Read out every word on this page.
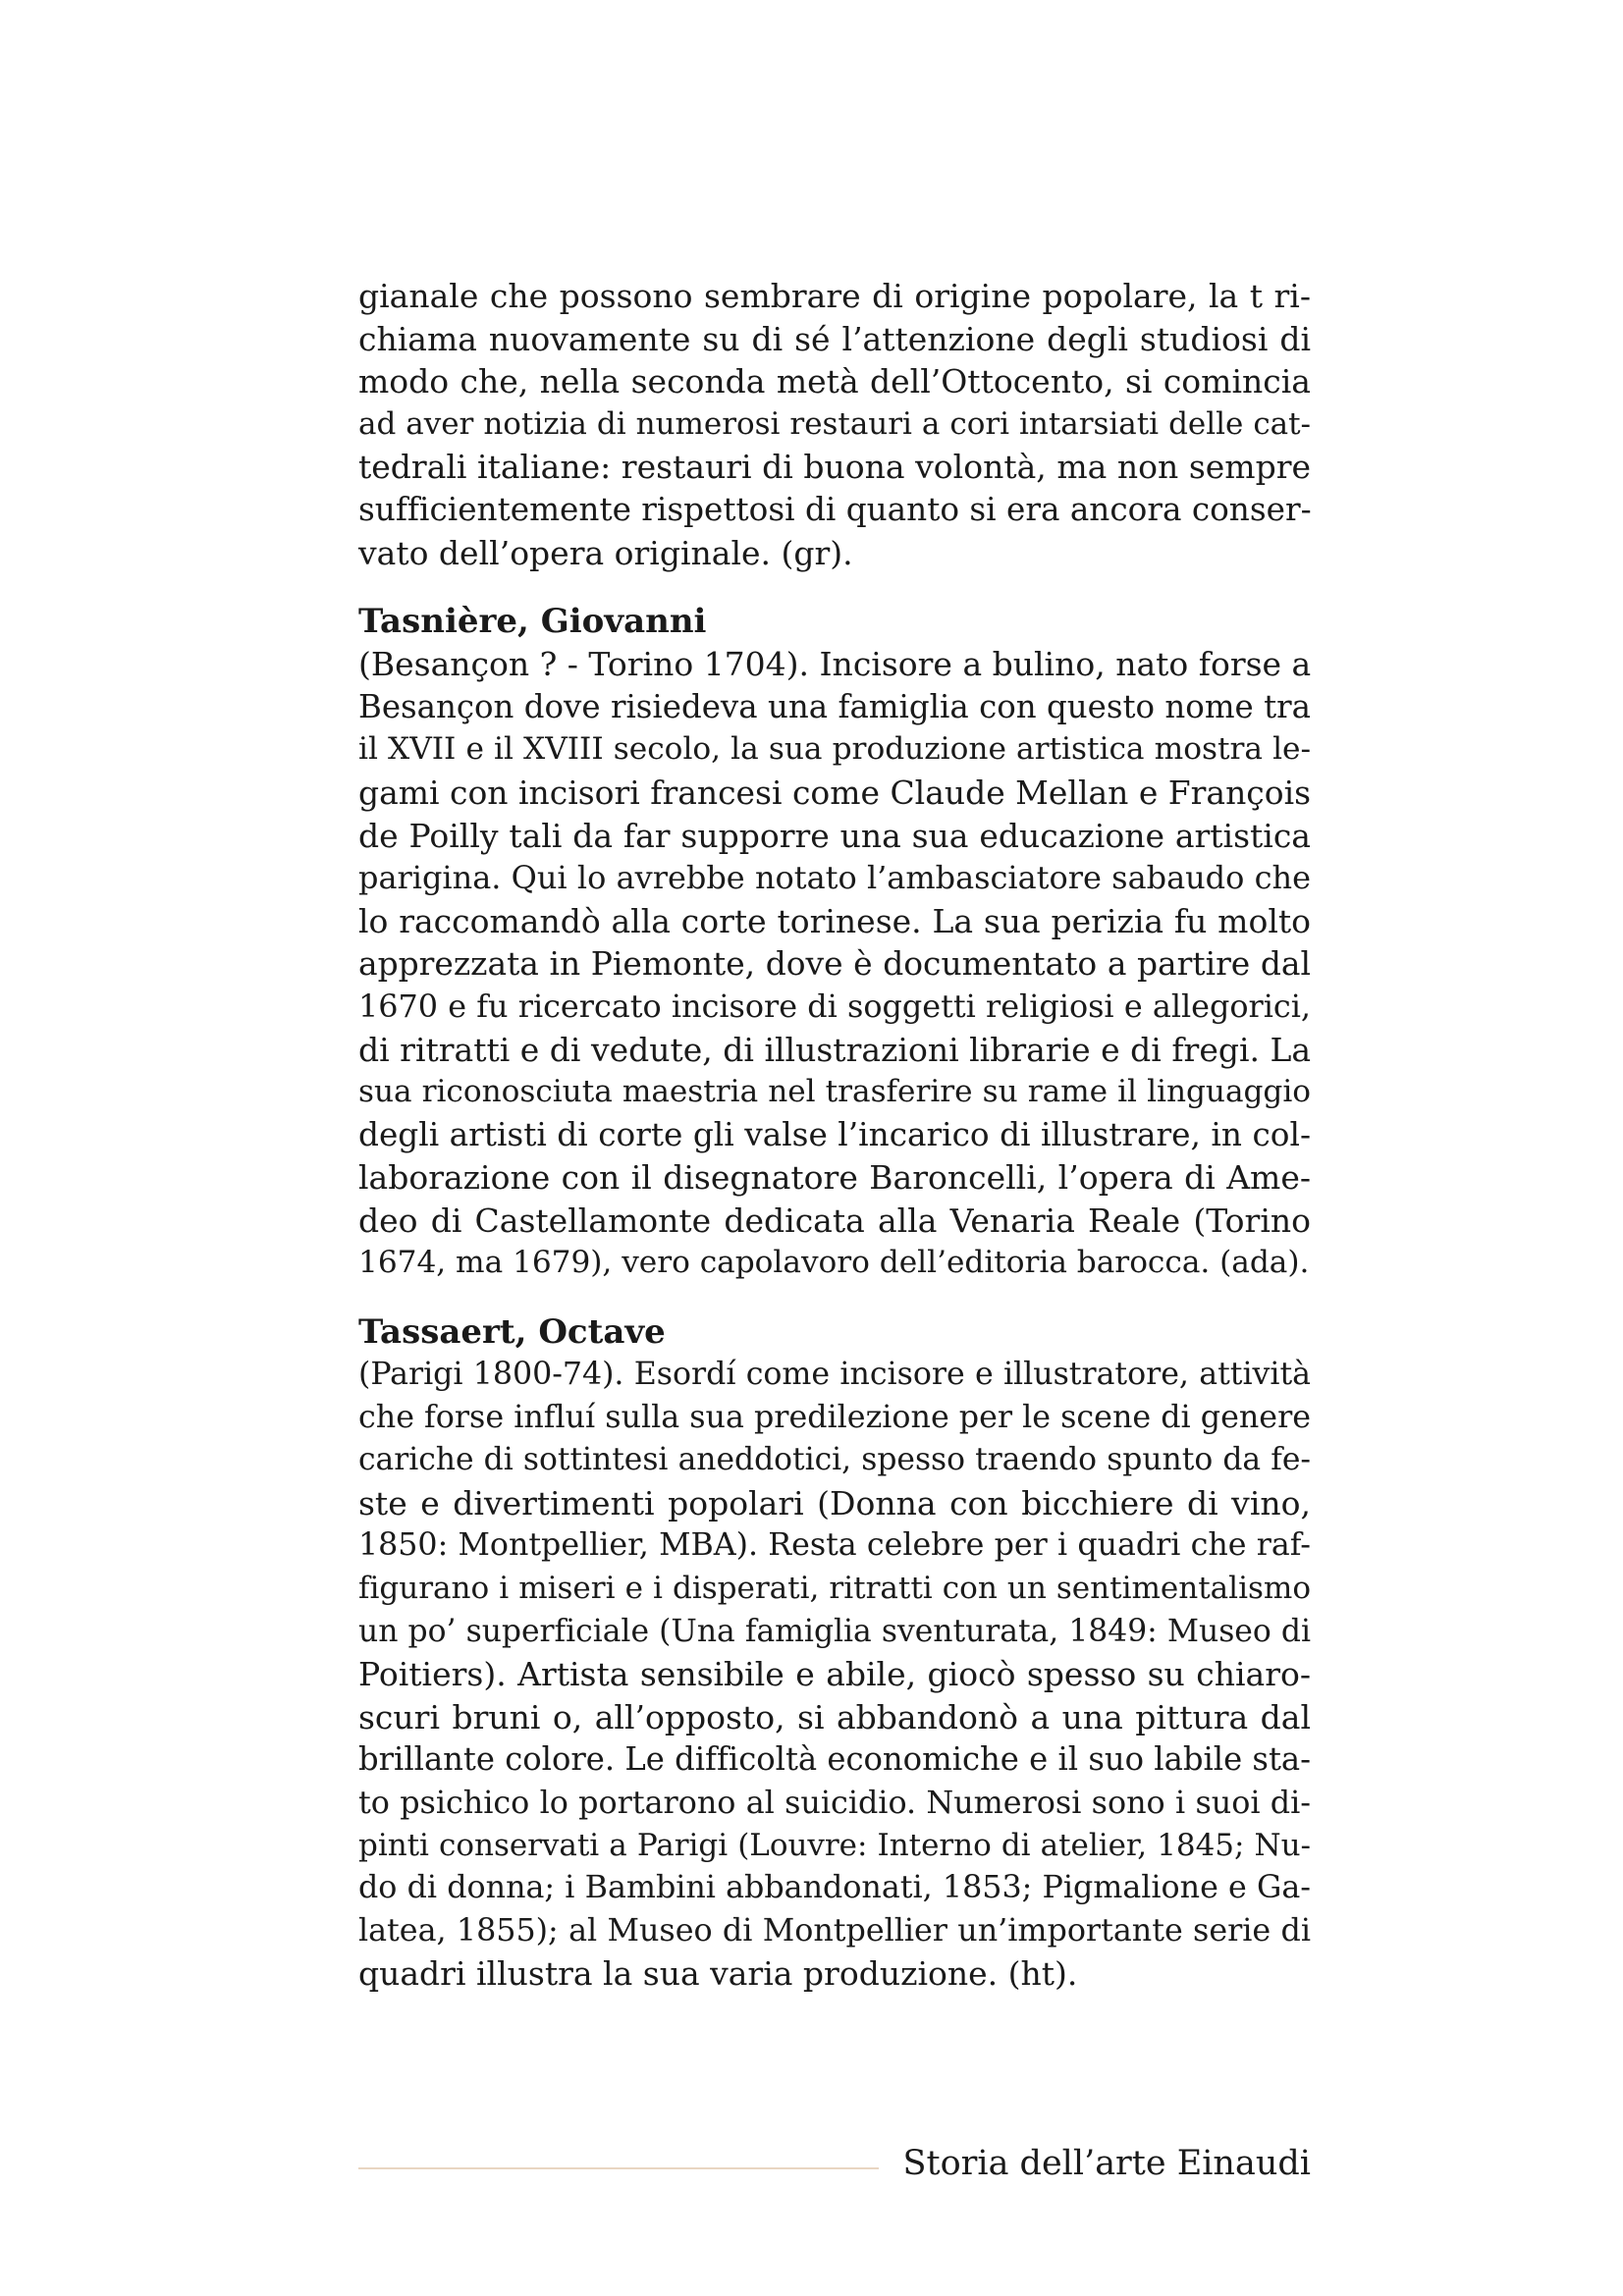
gianale che possono sembrare di origine popolare, la t ri-
chiama nuovamente su di sé l’attenzione degli studiosi di
modo che, nella seconda metà dell’Ottocento, si comincia
ad aver notizia di numerosi restauri a cori intarsiati delle cat-
tedrali italiane: restauri di buona volontà, ma non sempre
sufficientemente rispettosi di quanto si era ancora conser-
vato dell’opera originale. (gr).
Tasnière, Giovanni
(Besançon ? - Torino 1704). Incisore a bulino, nato forse a
Besançon dove risiedeva una famiglia con questo nome tra
il XVII e il XVIII secolo, la sua produzione artistica mostra le-
gami con incisori francesi come Claude Mellan e François
de Poilly tali da far supporre una sua educazione artistica
parigina. Qui lo avrebbe notato l’ambasciatore sabaudo che
lo raccomandò alla corte torinese. La sua perizia fu molto
apprezzata in Piemonte, dove è documentato a partire dal
1670 e fu ricercato incisore di soggetti religiosi e allegorici,
di ritratti e di vedute, di illustrazioni librarie e di fregi. La
sua riconosciuta maestria nel trasferire su rame il linguaggio
degli artisti di corte gli valse l’incarico di illustrare, in col-
laborazione con il disegnatore Baroncelli, l’opera di Ame-
deo di Castellamonte dedicata alla Venaria Reale (Torino
1674, ma 1679), vero capolavoro dell’editoria barocca. (ada).
Tassaert, Octave
(Parigi 1800-74). Esordí come incisore e illustratore, attività
che forse influí sulla sua predilezione per le scene di genere
cariche di sottintesi aneddotici, spesso traendo spunto da fe-
ste e divertimenti popolari (Donna con bicchiere di vino,
1850: Montpellier, MBA). Resta celebre per i quadri che raf-
figurano i miseri e i disperati, ritratti con un sentimentalismo
un po’ superficiale (Una famiglia sventurata, 1849: Museo di
Poitiers). Artista sensibile e abile, giocò spesso su chiaro-
scuri bruni o, all’opposto, si abbandonò a una pittura dal
brillante colore. Le difficoltà economiche e il suo labile sta-
to psichico lo portarono al suicidio. Numerosi sono i suoi di-
pinti conservati a Parigi (Louvre: Interno di atelier, 1845; Nu-
do di donna; i Bambini abbandonati, 1853; Pigmalione e Ga-
latea, 1855); al Museo di Montpellier un’importante serie di
quadri illustra la sua varia produzione. (ht).
Storia dell’arte Einaudi
